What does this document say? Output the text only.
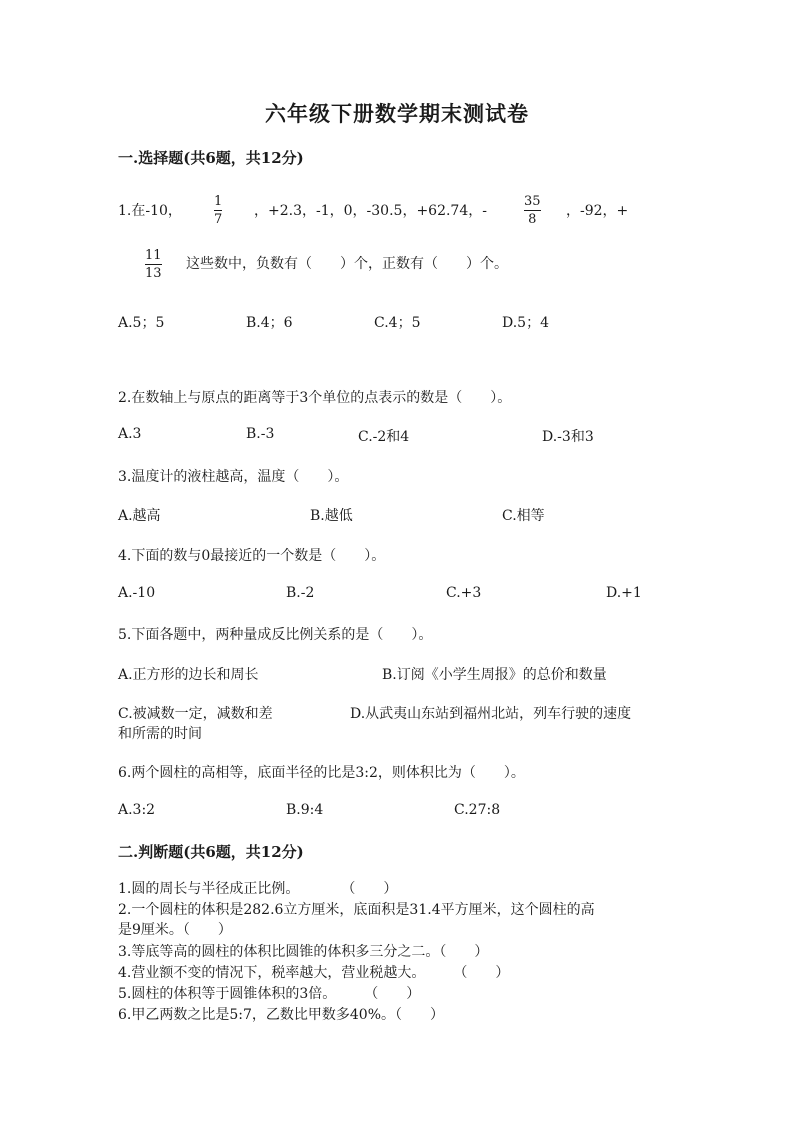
六年级下册数学期末测试卷
一.选择题(共6题，共12分)
1.在-10，
1
7
，+2.3，-1，0，-30.5，+62.74，-
35
8
，-92，+
11
13
这些数中，负数有（　　）个，正数有（　　）个。
A.5；5	B.4；6	C.4；5	D.5；4
2.在数轴上与原点的距离等于3个单位的点表示的数是（　　）。
A.3	B.-3	C.-2和4	D.-3和3
3.温度计的液柱越高，温度（　　）。
A.越高	B.越低	C.相等
4.下面的数与0最接近的一个数是（　　）。
A.-10	B.-2	C.+3	D.+1
5.下面各题中，两种量成反比例关系的是（　　）。
A.正方形的边长和周长	B.订阅《小学生周报》的总价和数量
C.被减数一定，减数和差	D.从武夷山东站到福州北站，列车行驶的速度
和所需的时间
6.两个圆柱的高相等，底面半径的比是3:2，则体积比为（　　）。
A.3:2	B.9:4	C.27:8
二.判断题(共6题，共12分)
1.圆的周长与半径成正比例。　　　　（　　）
2.一个圆柱的体积是282.6立方厘米，底面积是31.4平方厘米，这个圆柱的高
是9厘米。（　　）
3.等底等高的圆柱的体积比圆锥的体积多三分之二。（　　）
4.营业额不变的情况下，税率越大，营业税越大。　　　（　　）
5.圆柱的体积等于圆锥体积的3倍。　　　（　　）
6.甲乙两数之比是5:7，乙数比甲数多40%。（　　）
